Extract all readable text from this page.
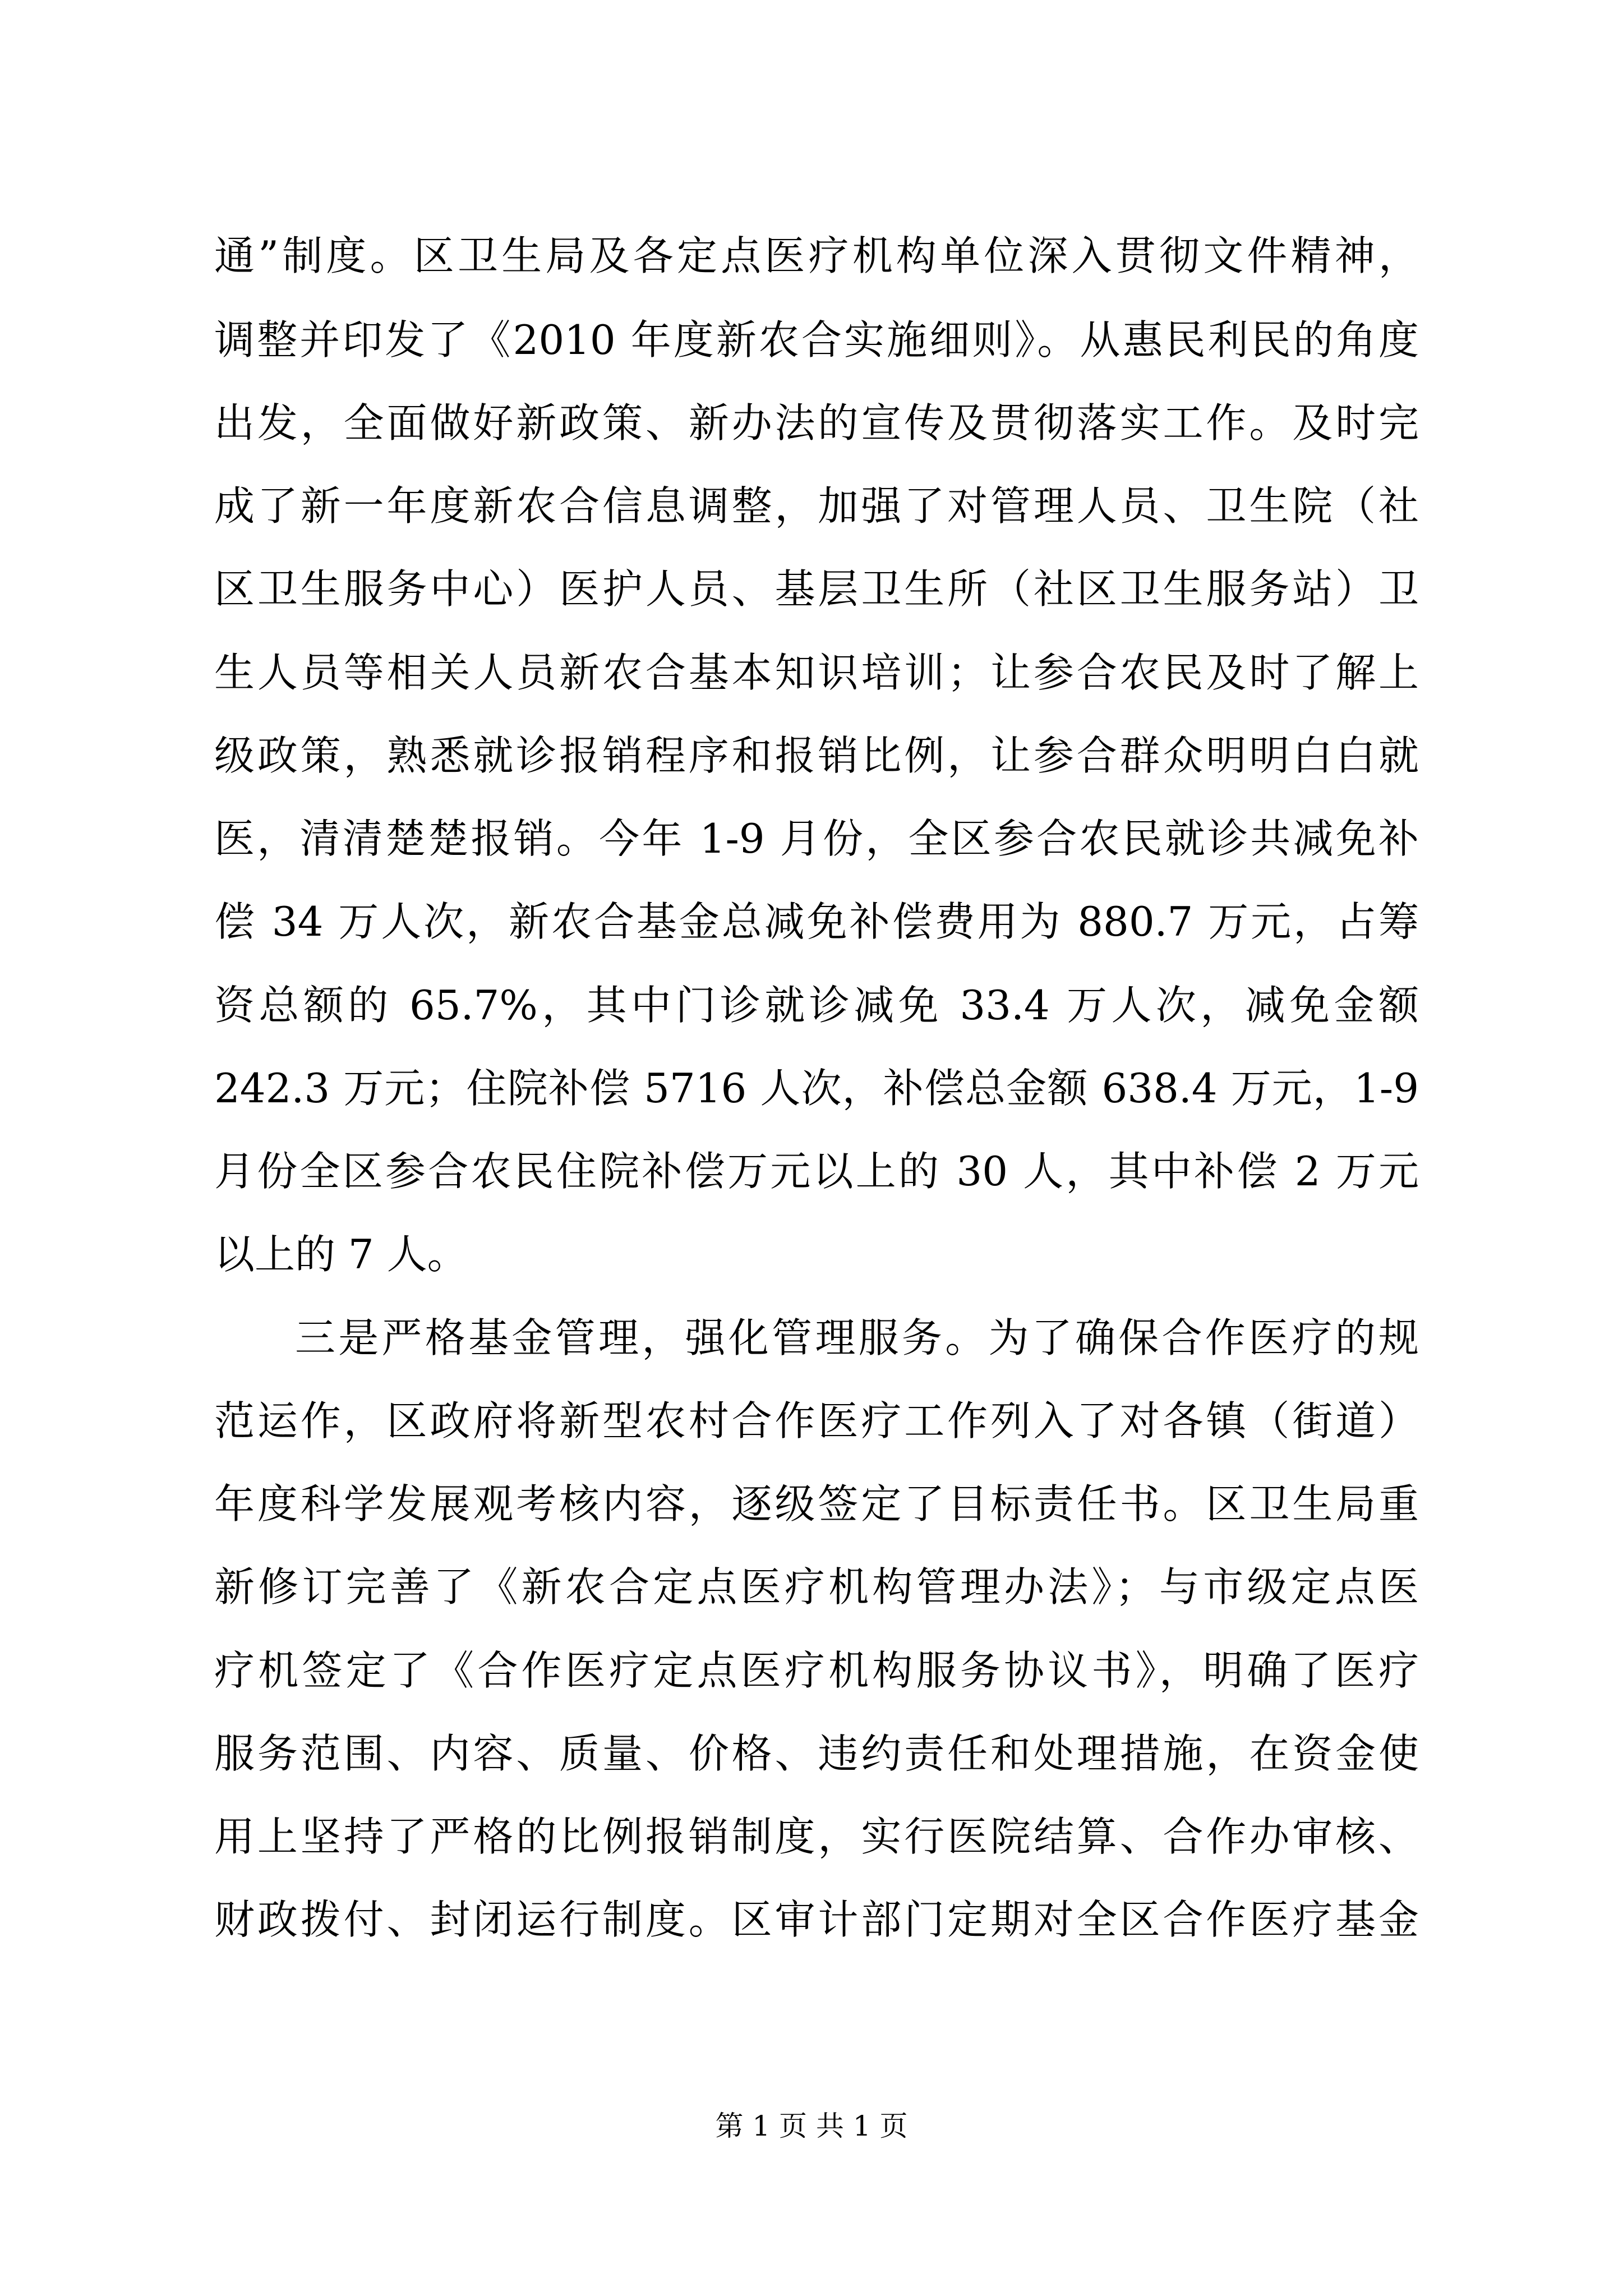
通”制度。区卫生局及各定点医疗机构单位深入贯彻文件精神，
调整并印发了《2010 年度新农合实施细则》。从惠民利民的角度
出发，全面做好新政策、新办法的宣传及贯彻落实工作。及时完
成了新一年度新农合信息调整，加强了对管理人员、卫生院（社
区卫生服务中心）医护人员、基层卫生所（社区卫生服务站）卫
生人员等相关人员新农合基本知识培训；让参合农民及时了解上
级政策，熟悉就诊报销程序和报销比例，让参合群众明明白白就
医，清清楚楚报销。今年 1-9 月份，全区参合农民就诊共减免补
偿 34 万人次，新农合基金总减免补偿费用为 880.7 万元，占筹
资总额的 65.7%，其中门诊就诊减免 33.4 万人次，减免金额
242.3 万元；住院补偿 5716 人次，补偿总金额 638.4 万元，1-9
月份全区参合农民住院补偿万元以上的 30 人，其中补偿 2 万元
以上的 7 人。
三是严格基金管理，强化管理服务。为了确保合作医疗的规
范运作，区政府将新型农村合作医疗工作列入了对各镇（街道）
年度科学发展观考核内容，逐级签定了目标责任书。区卫生局重
新修订完善了《新农合定点医疗机构管理办法》；与市级定点医
疗机签定了《合作医疗定点医疗机构服务协议书》，明确了医疗
服务范围、内容、质量、价格、违约责任和处理措施，在资金使
用上坚持了严格的比例报销制度，实行医院结算、合作办审核、
财政拨付、封闭运行制度。区审计部门定期对全区合作医疗基金
第 1 页 共 1 页
